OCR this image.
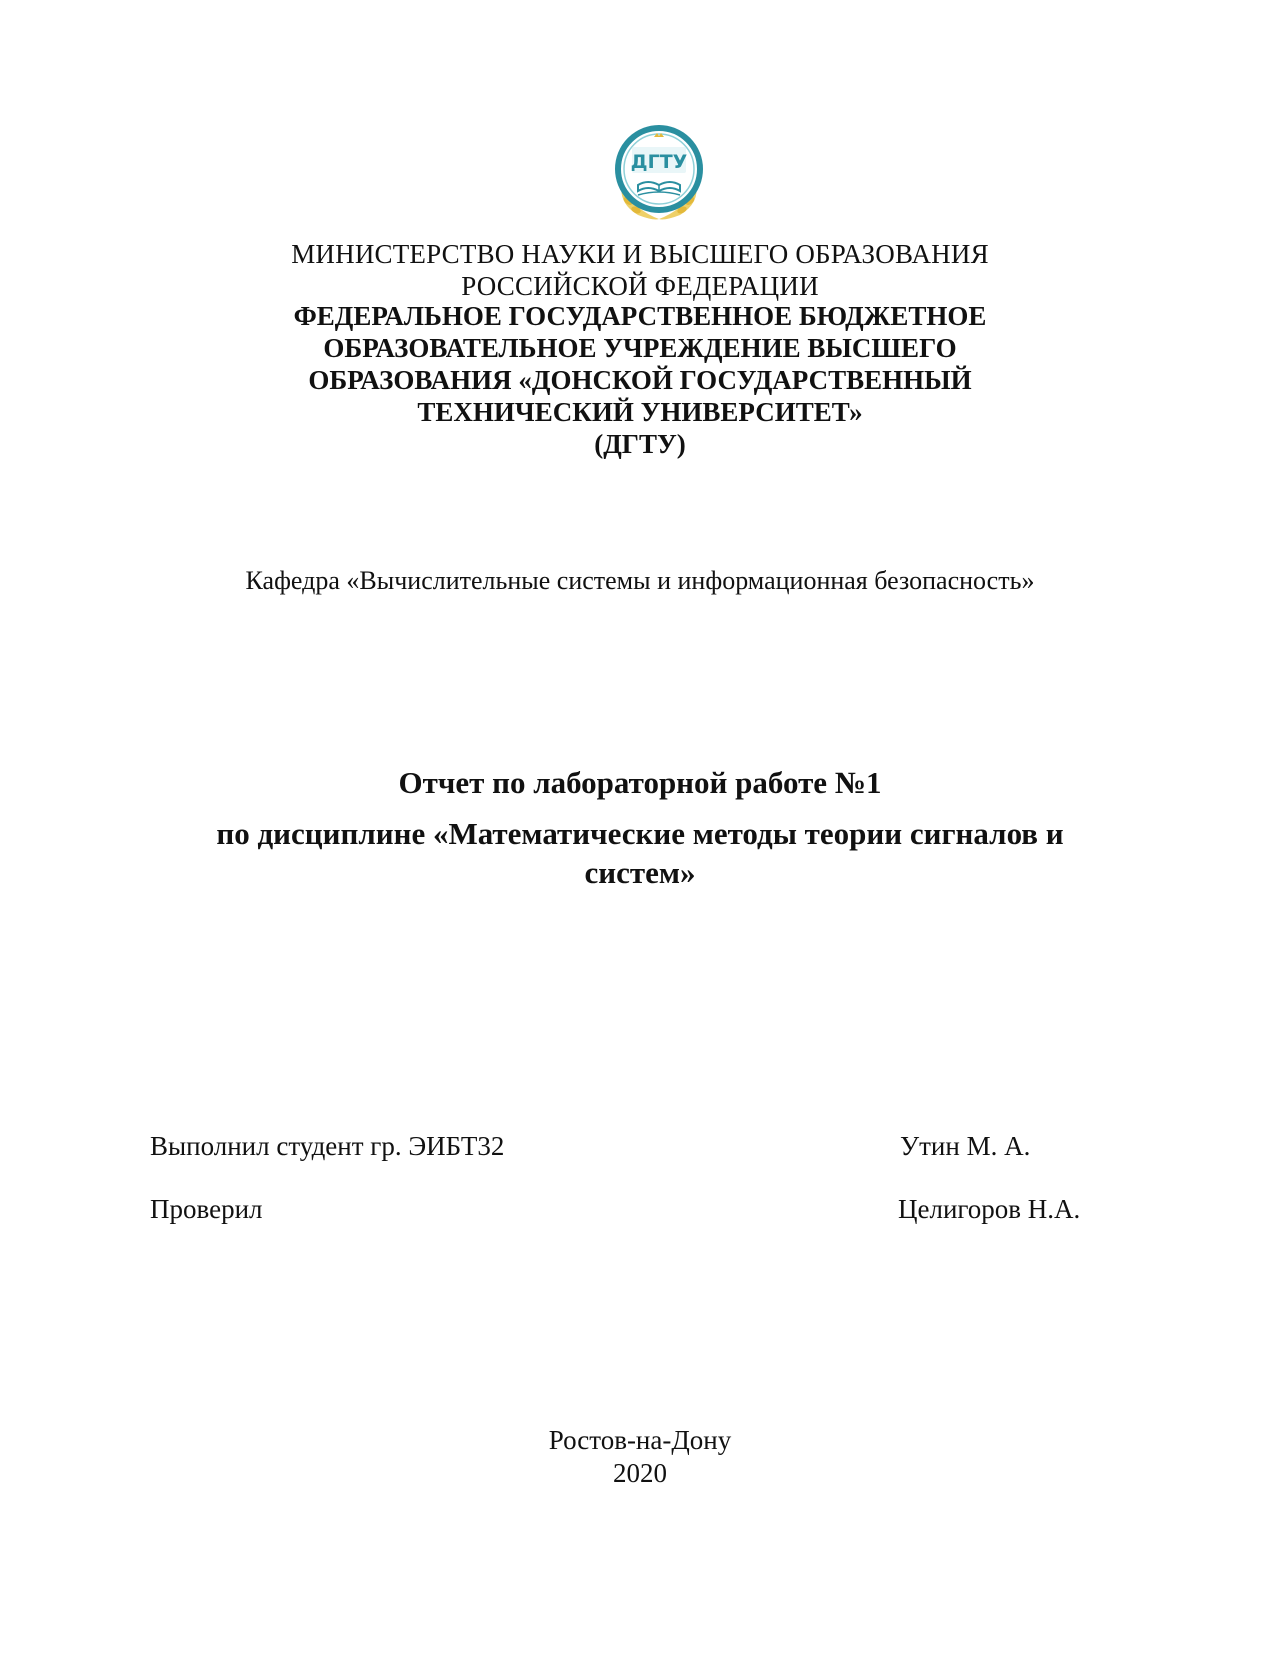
ДГТУ
МИНИСТЕРСТВО НАУКИ И ВЫСШЕГО ОБРАЗОВАНИЯ
РОССИЙСКОЙ ФЕДЕРАЦИИ
ФЕДЕРАЛЬНОЕ ГОСУДАРСТВЕННОЕ БЮДЖЕТНОЕ
ОБРАЗОВАТЕЛЬНОЕ УЧРЕЖДЕНИЕ ВЫСШЕГО
ОБРАЗОВАНИЯ «ДОНСКОЙ ГОСУДАРСТВЕННЫЙ
ТЕХНИЧЕСКИЙ УНИВЕРСИТЕТ»
(ДГТУ)
Кафедра «Вычислительные системы и информационная безопасность»
Отчет по лабораторной работе №1
по дисциплине «Математические методы теории сигналов и
систем»
Выполнил студент гр. ЭИБТ32	Утин М. А.
Проверил	Целигоров Н.А.
Ростов-на-Дону
2020
